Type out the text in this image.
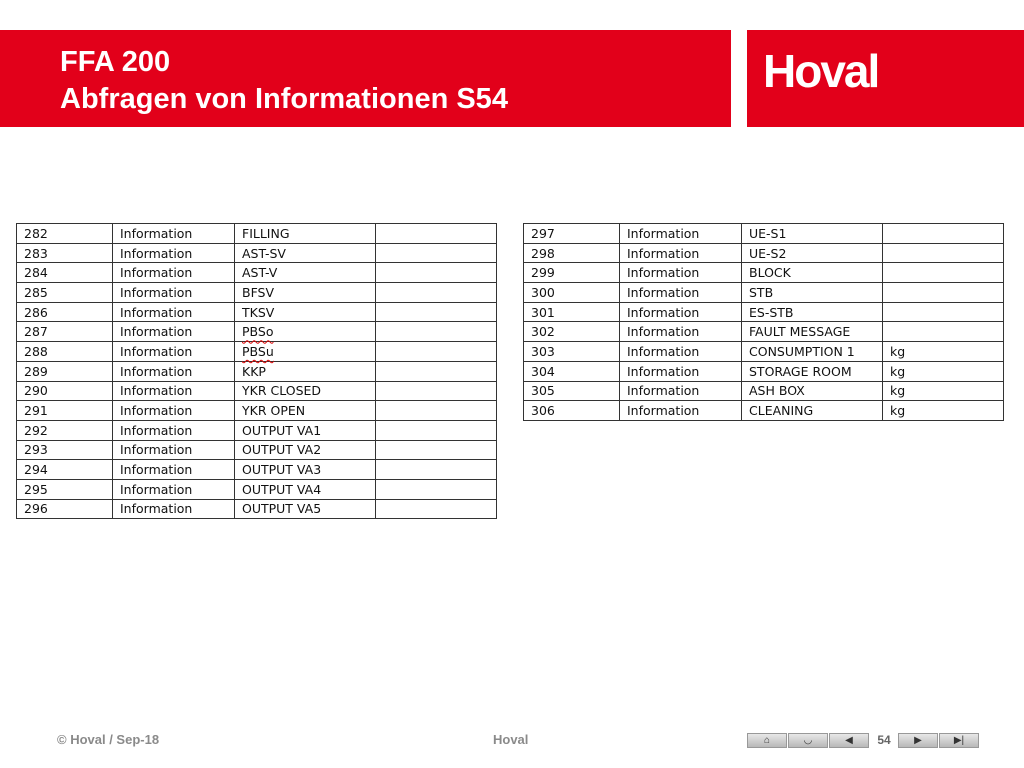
FFA 200
Abfragen von Informationen S54
Hoval
282	Information	FILLING	
283	Information	AST-SV	
284	Information	AST-V	
285	Information	BFSV	
286	Information	TKSV	
287	Information	PBSo	
288	Information	PBSu	
289	Information	KKP	
290	Information	YKR CLOSED	
291	Information	YKR OPEN	
292	Information	OUTPUT VA1	
293	Information	OUTPUT VA2	
294	Information	OUTPUT VA3	
295	Information	OUTPUT VA4	
296	Information	OUTPUT VA5	
297	Information	UE-S1	
298	Information	UE-S2	
299	Information	BLOCK	
300	Information	STB	
301	Information	ES-STB	
302	Information	FAULT MESSAGE	
303	Information	CONSUMPTION 1	kg
304	Information	STORAGE ROOM	kg
305	Information	ASH BOX	kg
306	Information	CLEANING	kg
© Hoval / Sep-18	Hoval	⌂	◡	◀	54	▶	▶|
